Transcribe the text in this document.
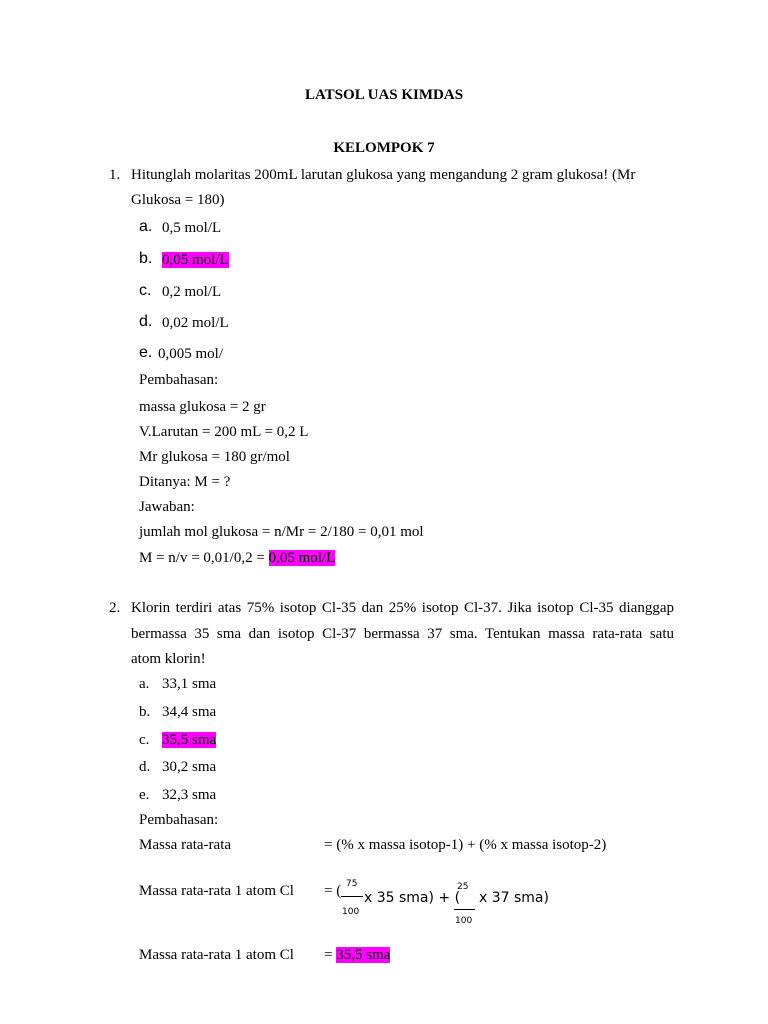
LATSOL UAS KIMDAS
KELOMPOK 7
1. Hitunglah molaritas 200mL larutan glukosa yang mengandung 2 gram glukosa! (Mr
Glukosa = 180)
a. 0,5 mol/L
b. 0,05 mol/L
c. 0,2 mol/L
d. 0,02 mol/L
e. 0,005 mol/
Pembahasan:
massa glukosa = 2 gr
V.Larutan = 200 mL = 0,2 L
Mr glukosa = 180 gr/mol
Ditanya: M = ?
Jawaban:
jumlah mol glukosa = n/Mr = 2/180 = 0,01 mol
M = n/v = 0,01/0,2 = 0,05 mol/L
2. Klorin terdiri atas 75% isotop Cl-35 dan 25% isotop Cl-37. Jika isotop Cl-35 dianggap
bermassa 35 sma dan isotop Cl-37 bermassa 37 sma. Tentukan massa rata-rata satu
atom klorin!
a. 33,1 sma
b. 34,4 sma
c. 35,5 sma
d. 30,2 sma
e. 32,3 sma
Pembahasan:
Massa rata-rata	= (% x massa isotop-1) + (% x massa isotop-2)
Massa rata-rata 1 atom Cl = ( 75
100
x 35 sma) + (
25
100
x 37 sma)
Massa rata-rata 1 atom Cl = 35,5 sma
